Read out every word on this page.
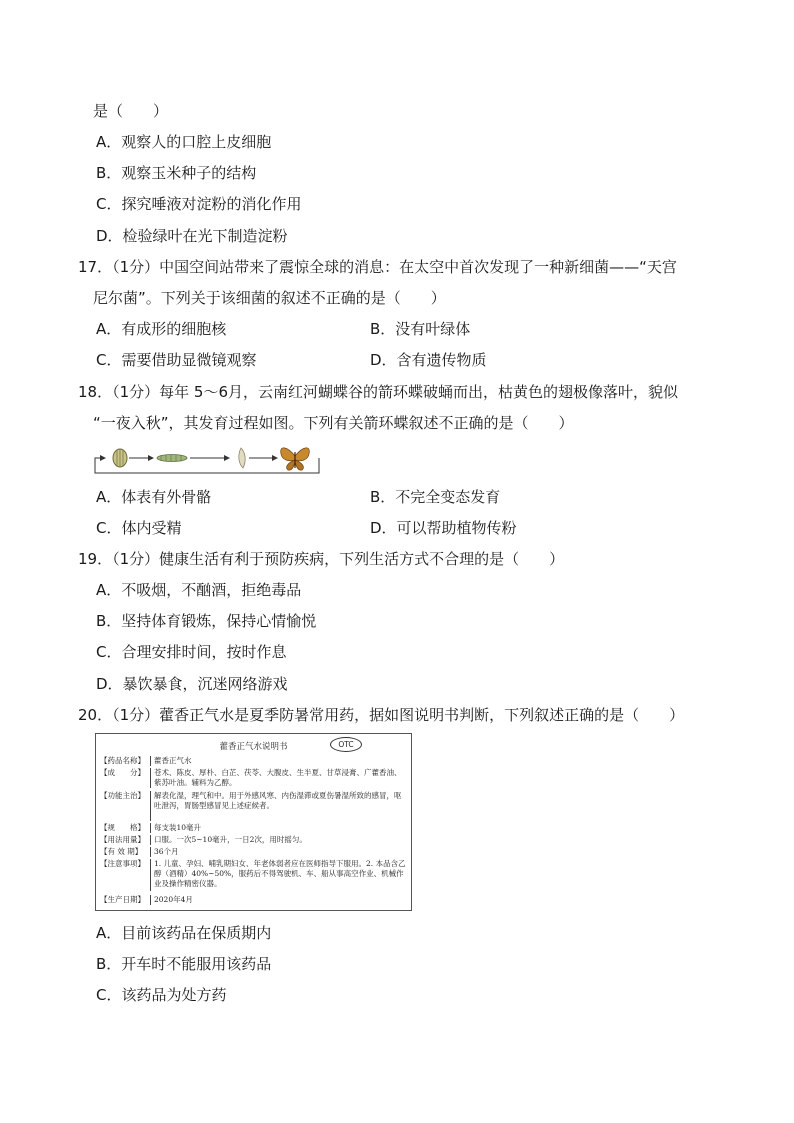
是（　　）
A．观察人的口腔上皮细胞
B．观察玉米种子的结构
C．探究唾液对淀粉的消化作用
D．检验绿叶在光下制造淀粉
17．（1分）中国空间站带来了震惊全球的消息：在太空中首次发现了一种新细菌——“天宫
尼尔菌”。下列关于该细菌的叙述不正确的是（　　）
A．有成形的细胞核	B．没有叶绿体
C．需要借助显微镜观察	D．含有遗传物质
18．（1分）每年 5～6月，云南红河蝴蝶谷的箭环蝶破蛹而出，枯黄色的翅极像落叶，貌似
“一夜入秋”，其发育过程如图。下列有关箭环蝶叙述不正确的是（　　）
A．体表有外骨骼	B．不完全变态发育
C．体内受精	D．可以帮助植物传粉
19．（1分）健康生活有利于预防疾病，下列生活方式不合理的是（　　）
A．不吸烟，不酗酒，拒绝毒品
B．坚持体育锻炼，保持心情愉悦
C．合理安排时间，按时作息
D．暴饮暴食，沉迷网络游戏
20．（1分）藿香正气水是夏季防暑常用药，据如图说明书判断，下列叙述正确的是（　　）
藿香正气水说明书	OTC
【药品名称】	藿香正气水
【成　　分】	苍术、陈皮、厚朴、白芷、茯苓、大腹皮、生半夏、甘草浸膏、广藿香油、紫苏叶油。辅料为乙醇。
【功能主治】	解表化湿，理气和中。用于外感风寒、内伤湿滞或夏伤暑湿所致的感冒，呕吐泄泻，胃肠型感冒见上述症候者。
【规　　格】	每支装10毫升
【用法用量】	口服。一次5~10毫升，一日2次，用时摇匀。
【有 效 期】	36个月
【注意事项】	1. 儿童、孕妇、哺乳期妇女、年老体弱者应在医师指导下服用。2. 本品含乙醇（酒精）40%~50%，服药后不得驾驶机、车、船从事高空作业、机械作业及操作精密仪器。
【生产日期】	2020年4月
A．目前该药品在保质期内
B．开车时不能服用该药品
C．该药品为处方药
